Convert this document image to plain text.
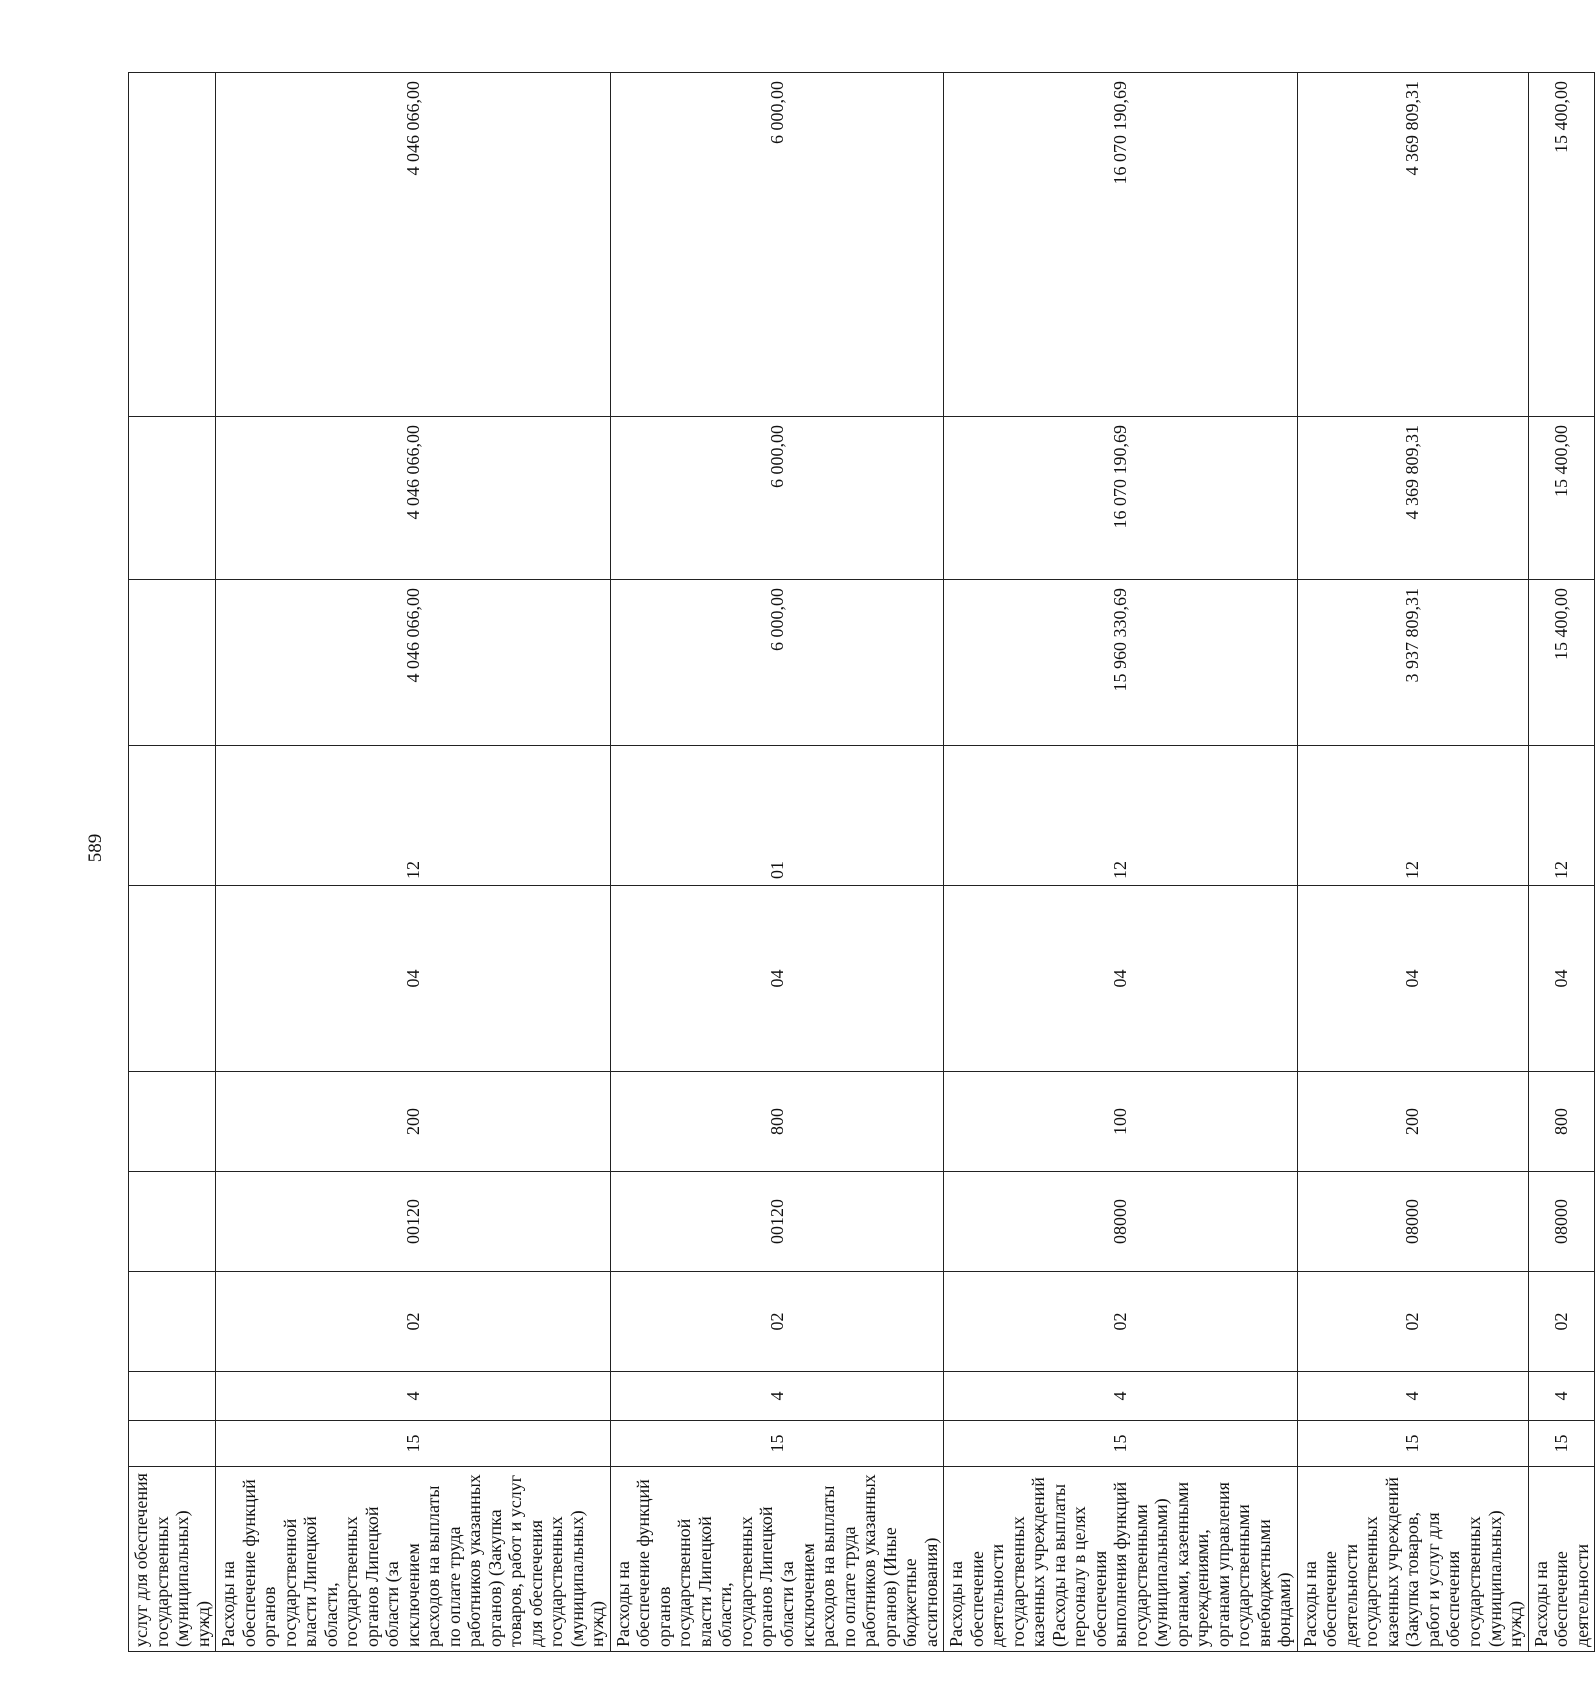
589
услуг для обеспечения государственных (муниципальных) нужд)										
Расходы на обеспечение функций органов государственной власти Липецкой области, государственных органов Липецкой области (за исключением расходов на выплаты по оплате труда работников указанных органов) (Закупка товаров, работ и услуг для обеспечения государственных (муниципальных) нужд)	15	4	02	00120	200	04	12	4 046 066,00	4 046 066,00	4 046 066,00
Расходы на обеспечение функций органов государственной власти Липецкой области, государственных органов Липецкой области (за исключением расходов на выплаты по оплате труда работников указанных органов) (Иные бюджетные ассигнования)	15	4	02	00120	800	04	01	6 000,00	6 000,00	6 000,00
Расходы на обеспечение деятельности государственных казенных учреждений (Расходы на выплаты персоналу в целях обеспечения выполнения функций государственными (муниципальными) органами, казенными учреждениями, органами управления государственными внебюджетными фондами)	15	4	02	08000	100	04	12	15 960 330,69	16 070 190,69	16 070 190,69
Расходы на обеспечение деятельности государственных казенных учреждений (Закупка товаров, работ и услуг для обеспечения государственных (муниципальных) нужд)	15	4	02	08000	200	04	12	3 937 809,31	4 369 809,31	4 369 809,31
Расходы на обеспечение деятельности	15	4	02	08000	800	04	12	15 400,00	15 400,00	15 400,00
